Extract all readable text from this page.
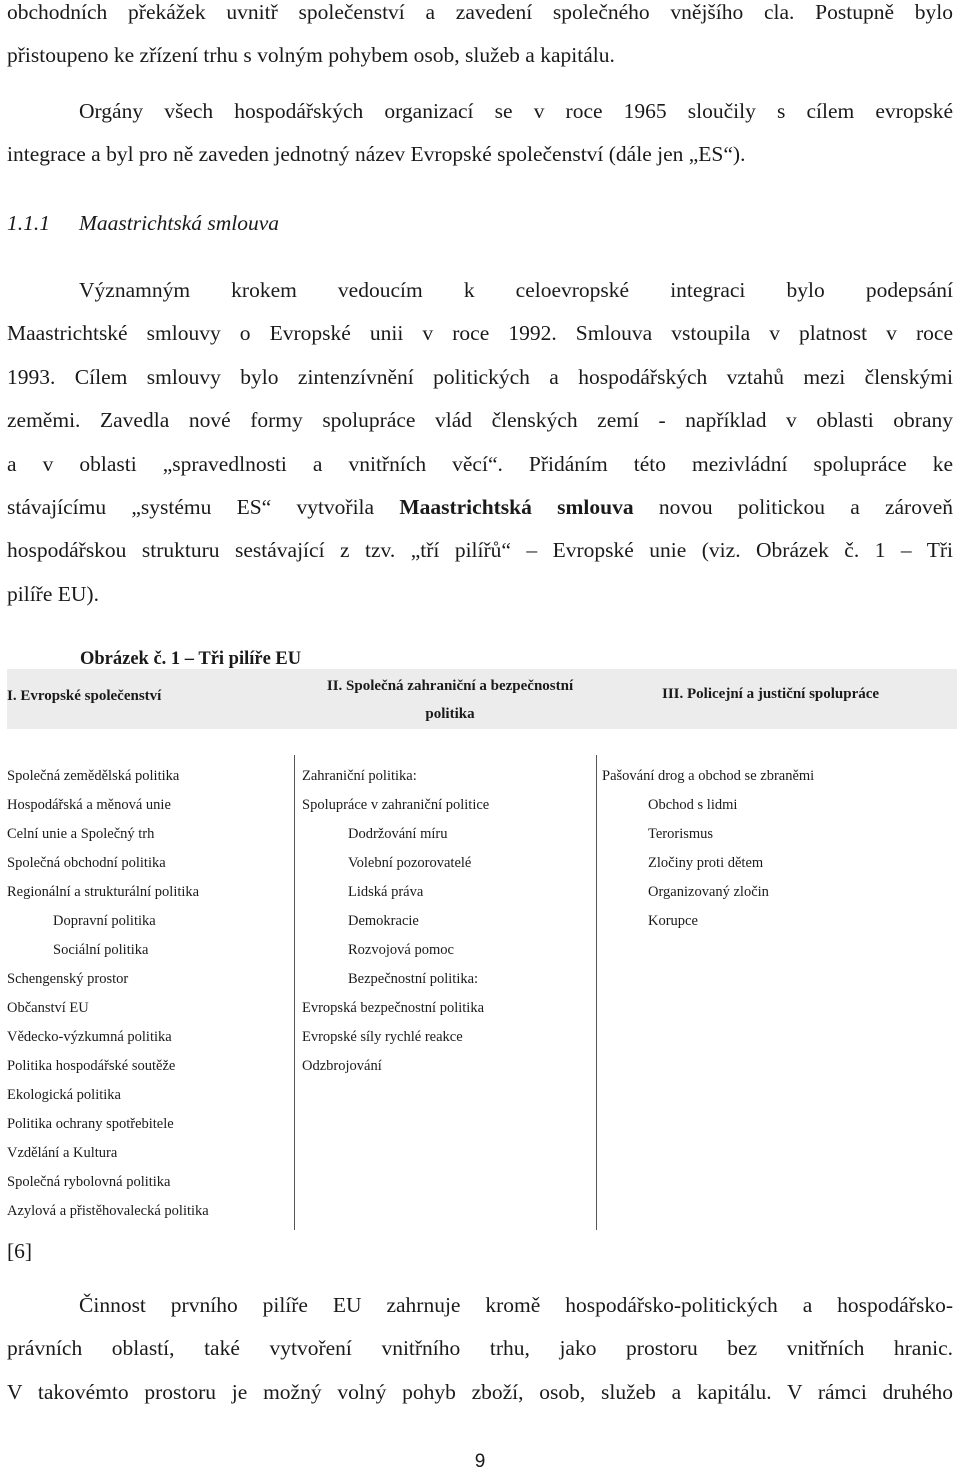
obchodních překážek uvnitř společenství a zavedení společného vnějšího cla. Postupně bylo
přistoupeno ke zřízení trhu s volným pohybem osob, služeb a kapitálu.
Orgány všech hospodářských organizací se v roce 1965 sloučily s cílem evropské
integrace a byl pro ně zaveden jednotný název Evropské společenství (dále jen „ES“).
1.1.1 Maastrichtská smlouva
Významným krokem vedoucím k celoevropské integraci bylo podepsání
Maastrichtské smlouvy o Evropské unii v roce 1992. Smlouva vstoupila v platnost v roce
1993. Cílem smlouvy bylo zintenzívnění politických a hospodářských vztahů mezi členskými
zeměmi. Zavedla nové formy spolupráce vlád členských zemí - například v oblasti obrany
a v oblasti „spravedlnosti a vnitřních věcí“. Přidáním této mezivládní spolupráce ke
stávajícímu „systému ES“ vytvořila Maastrichtská smlouva novou politickou a zároveň
hospodářskou strukturu sestávající z tzv. „tří pilířů“ – Evropské unie (viz. Obrázek č. 1 – Tři
pilíře EU).
Obrázek č. 1 – Tři pilíře EU
I. Evropské společenství
II. Společná zahraniční a bezpečnostní
politika
III. Policejní a justiční spolupráce
Společná zemědělská politika
Hospodářská a měnová unie
Celní unie a Společný trh
Společná obchodní politika
Regionální a strukturální politika
Dopravní politika
Sociální politika
Schengenský prostor
Občanství EU
Vědecko-výzkumná politika
Politika hospodářské soutěže
Ekologická politika
Politika ochrany spotřebitele
Vzdělání a Kultura
Společná rybolovná politika
Azylová a přistěhovalecká politika
Zahraniční politika:
Spolupráce v zahraniční politice
Dodržování míru
Volební pozorovatelé
Lidská práva
Demokracie
Rozvojová pomoc
Bezpečnostní politika:
Evropská bezpečnostní politika
Evropské síly rychlé reakce
Odzbrojování
Pašování drog a obchod se zbraněmi
Obchod s lidmi
Terorismus
Zločiny proti dětem
Organizovaný zločin
Korupce
[6]
Činnost prvního pilíře EU zahrnuje kromě hospodářsko-politických a hospodářsko-
právních oblastí, také vytvoření vnitřního trhu, jako prostoru bez vnitřních hranic.
V takovémto prostoru je možný volný pohyb zboží, osob, služeb a kapitálu. V rámci druhého
9
